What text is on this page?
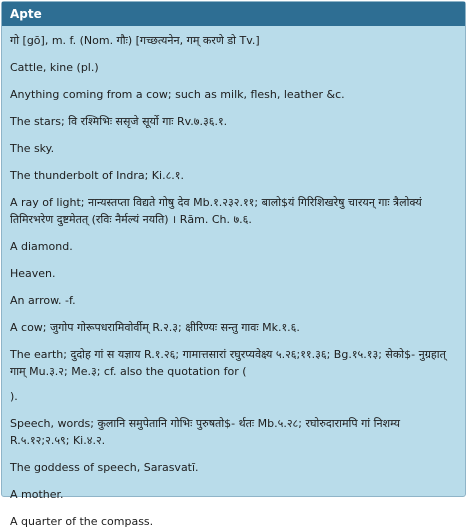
Apte

गो [gō], m. f. (Nom. गौः) [गच्छत्यनेन, गम् करणे डो Tv.]

Cattle, kine (pl.)

Anything coming from a cow; such as milk, flesh, leather &c.

The stars; वि रश्मिभिः ससृजे सूर्यो गाः Rv.७.३६.१.

The sky.

The thunderbolt of Indra; Ki.८.१.

A ray of light; नान्यस्तप्ता विद्यते गोषु देव Mb.१.२३२.११; बालो$यं गिरिशिखरेषु चारयन् गाः त्रैलोक्यं तिमिरभरेण दुष्टमेतत् (रविः नैर्मल्यं नयति) । Rām. Ch. ७.६.

A diamond.

Heaven.

An arrow. -f.

A cow; जुगोप गोरूपधरामिवोर्वीम् R.२.३; क्षीरिण्यः सन्तु गावः Mk.१.६.

The earth; दुदोह गां स यज्ञाय R.१.२६; गामात्तसारां रघुरप्यवेक्ष्य ५.२६;११.३६; Bg.१५.१३; सेको$- नुग्रहात् गाम् Mu.३.२; Me.३; cf. also the quotation for (

).

Speech, words; कुलानि समुपेतानि गोभिः पुरुषतो$- र्थतः Mb.५.२८; रघोरुदारामपि गां निशम्य R.५.१२;२.५९; Ki.४.२.

The goddess of speech, Sarasvatī.

A mother.

A quarter of the compass.
